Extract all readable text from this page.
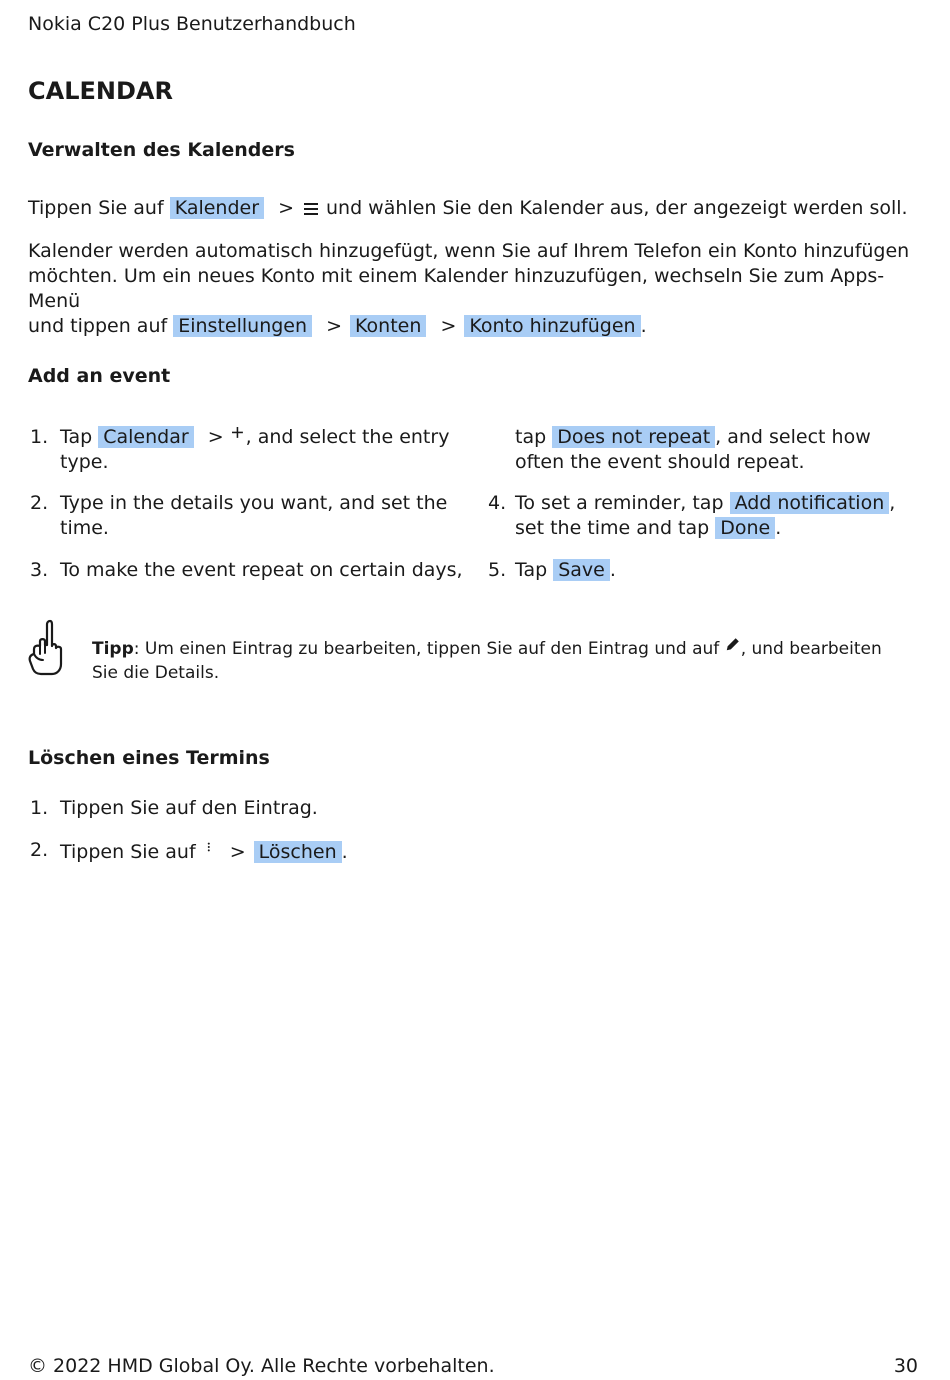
Nokia C20 Plus Benutzerhandbuch
CALENDAR
Verwalten des Kalenders
Tippen Sie auf Kalender > und wählen Sie den Kalender aus, der angezeigt werden soll.
Kalender werden automatisch hinzugefügt, wenn Sie auf Ihrem Telefon ein Konto hinzufügen
möchten. Um ein neues Konto mit einem Kalender hinzuzufügen, wechseln Sie zum Apps-Menü
und tippen auf Einstellungen > Konten > Konto hinzufügen .
Add an event
1. Tap Calendar > , and select the entry
type.
2. Type in the details you want, and set the
time.
3. To make the event repeat on certain days,
tap Does not repeat , and select how
often the event should repeat.
4. To set a reminder, tap Add notification ,
set the time and tap Done .
5. Tap Save .
Tipp: Um einen Eintrag zu bearbeiten, tippen Sie auf den Eintrag und auf , und bearbeiten
Sie die Details.
Löschen eines Termins
1. Tippen Sie auf den Eintrag.
2. Tippen Sie auf > Löschen .
© 2022 HMD Global Oy. Alle Rechte vorbehalten.	30
